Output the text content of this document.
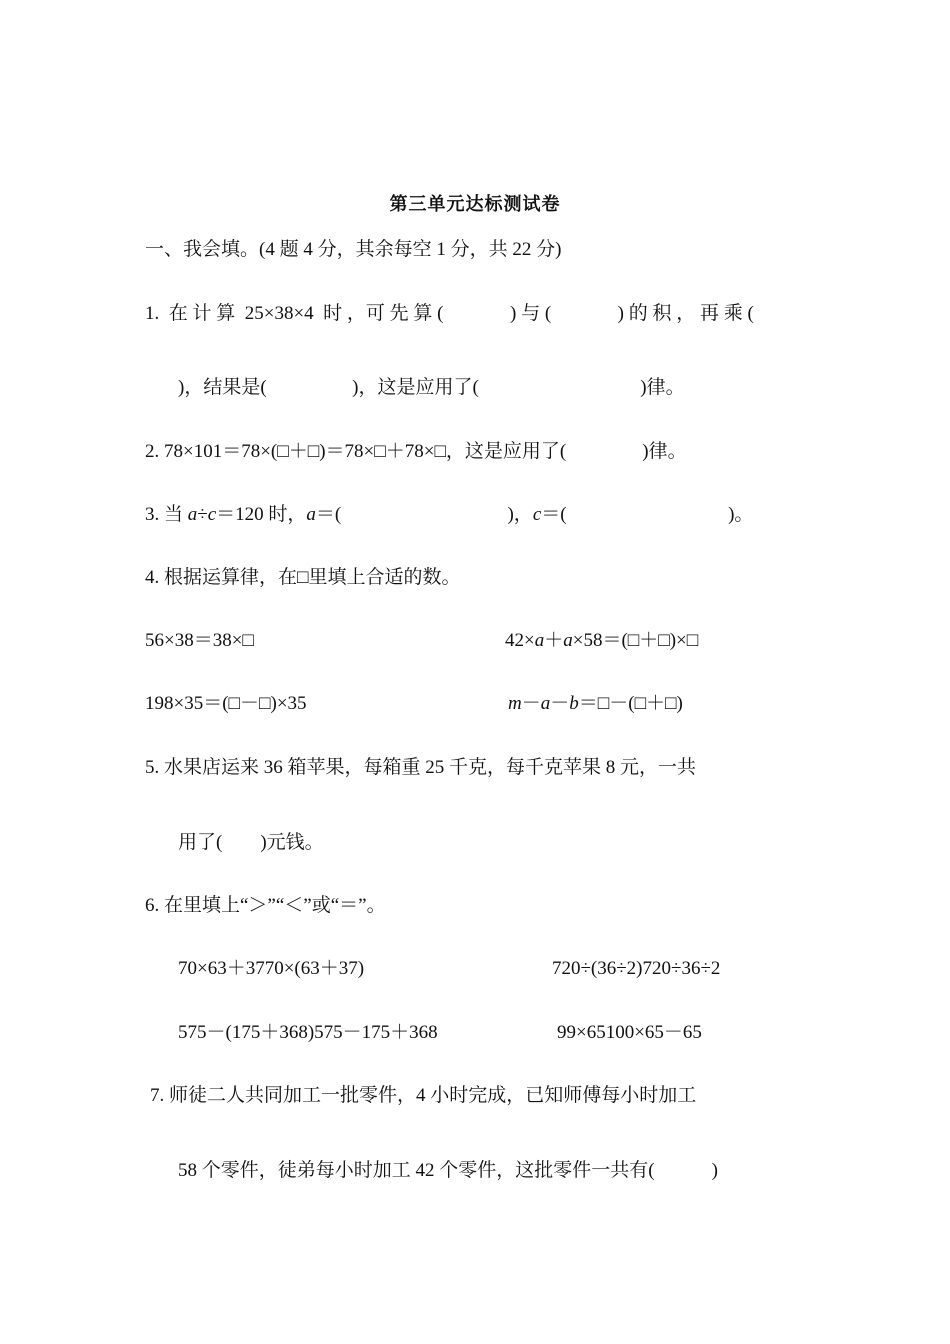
第三单元达标测试卷
一、我会填。(4 题 4 分，其余每空 1 分，共 22 分)
1.  在 计 算  25×38×4  时 ，可 先 算 (              ) 与 (              ) 的 积 ， 再 乘 (
)，结果是(                  )，这是应用了(                                  )律。
2. 78×101＝78×(□＋□)＝78×□＋78×□，这是应用了(                )律。
3. 当 a÷c＝120 时，a＝(                                   )，c＝(                                  )。
4. 根据运算律，在□里填上合适的数。
56×38＝38×□	42×a＋a×58＝(□＋□)×□
198×35＝(□－□)×35	m－a－b＝□－(□＋□)
5. 水果店运来 36 箱苹果，每箱重 25 千克，每千克苹果 8 元，一共
用了(        )元钱。
6. 在里填上“＞”“＜”或“＝”。
70×63＋3770×(63＋37)	720÷(36÷2)720÷36÷2
575－(175＋368)575－175＋368	99×65100×65－65
7. 师徒二人共同加工一批零件，4 小时完成，已知师傅每小时加工
58 个零件，徒弟每小时加工 42 个零件，这批零件一共有(            )
